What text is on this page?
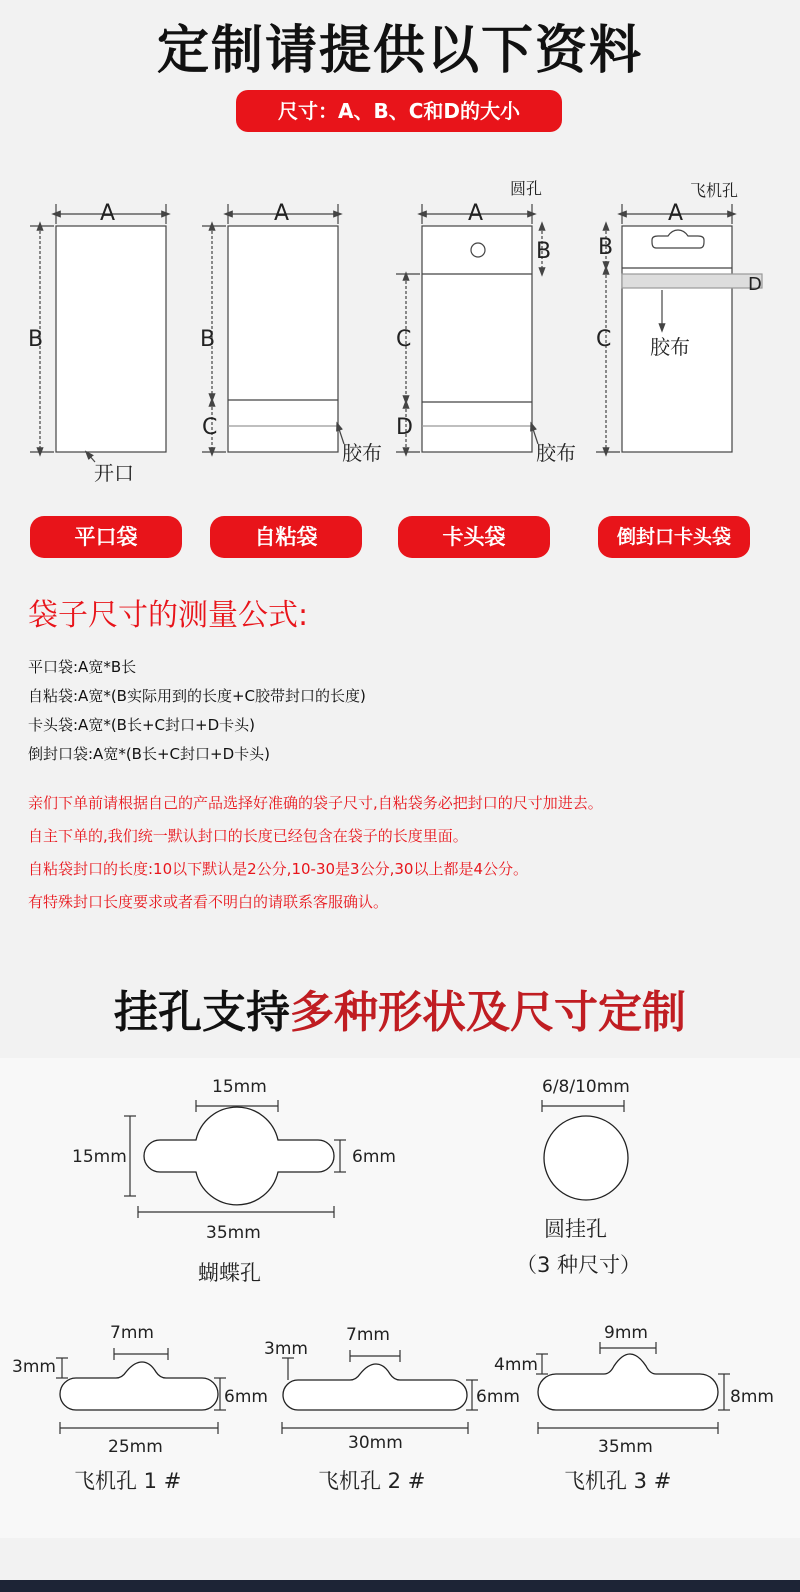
定制请提供以下资料
尺寸：A、B、C和D的大小
A
B
A
B
C
A
B
C
D
A
B
C
D
开口
胶布	胶布
胶布
圆孔	飞机孔
平口袋	自粘袋	卡头袋	倒封口卡头袋
袋子尺寸的测量公式:
平口袋:A宽*B长
自粘袋:A宽*(B实际用到的长度+C胶带封口的长度)
卡头袋:A宽*(B长+C封口+D卡头)
倒封口袋:A宽*(B长+C封口+D卡头)
亲们下单前请根据自己的产品选择好准确的袋子尺寸,自粘袋务必把封口的尺寸加进去。
自主下单的,我们统一默认封口的长度已经包含在袋子的长度里面。
自粘袋封口的长度:10以下默认是2公分,10-30是3公分,30以上都是4公分。
有特殊封口长度要求或者看不明白的请联系客服确认。
挂孔支持多种形状及尺寸定制
15mm
15mm	6mm
35mm
6/8/10mm
7mm
3mm
6mm
25mm
7mm
3mm
6mm
30mm
9mm
4mm
8mm
35mm
蝴蝶孔
圆挂孔
（3 种尺寸）
飞机孔 1 #	飞机孔 2 #	飞机孔 3 #
